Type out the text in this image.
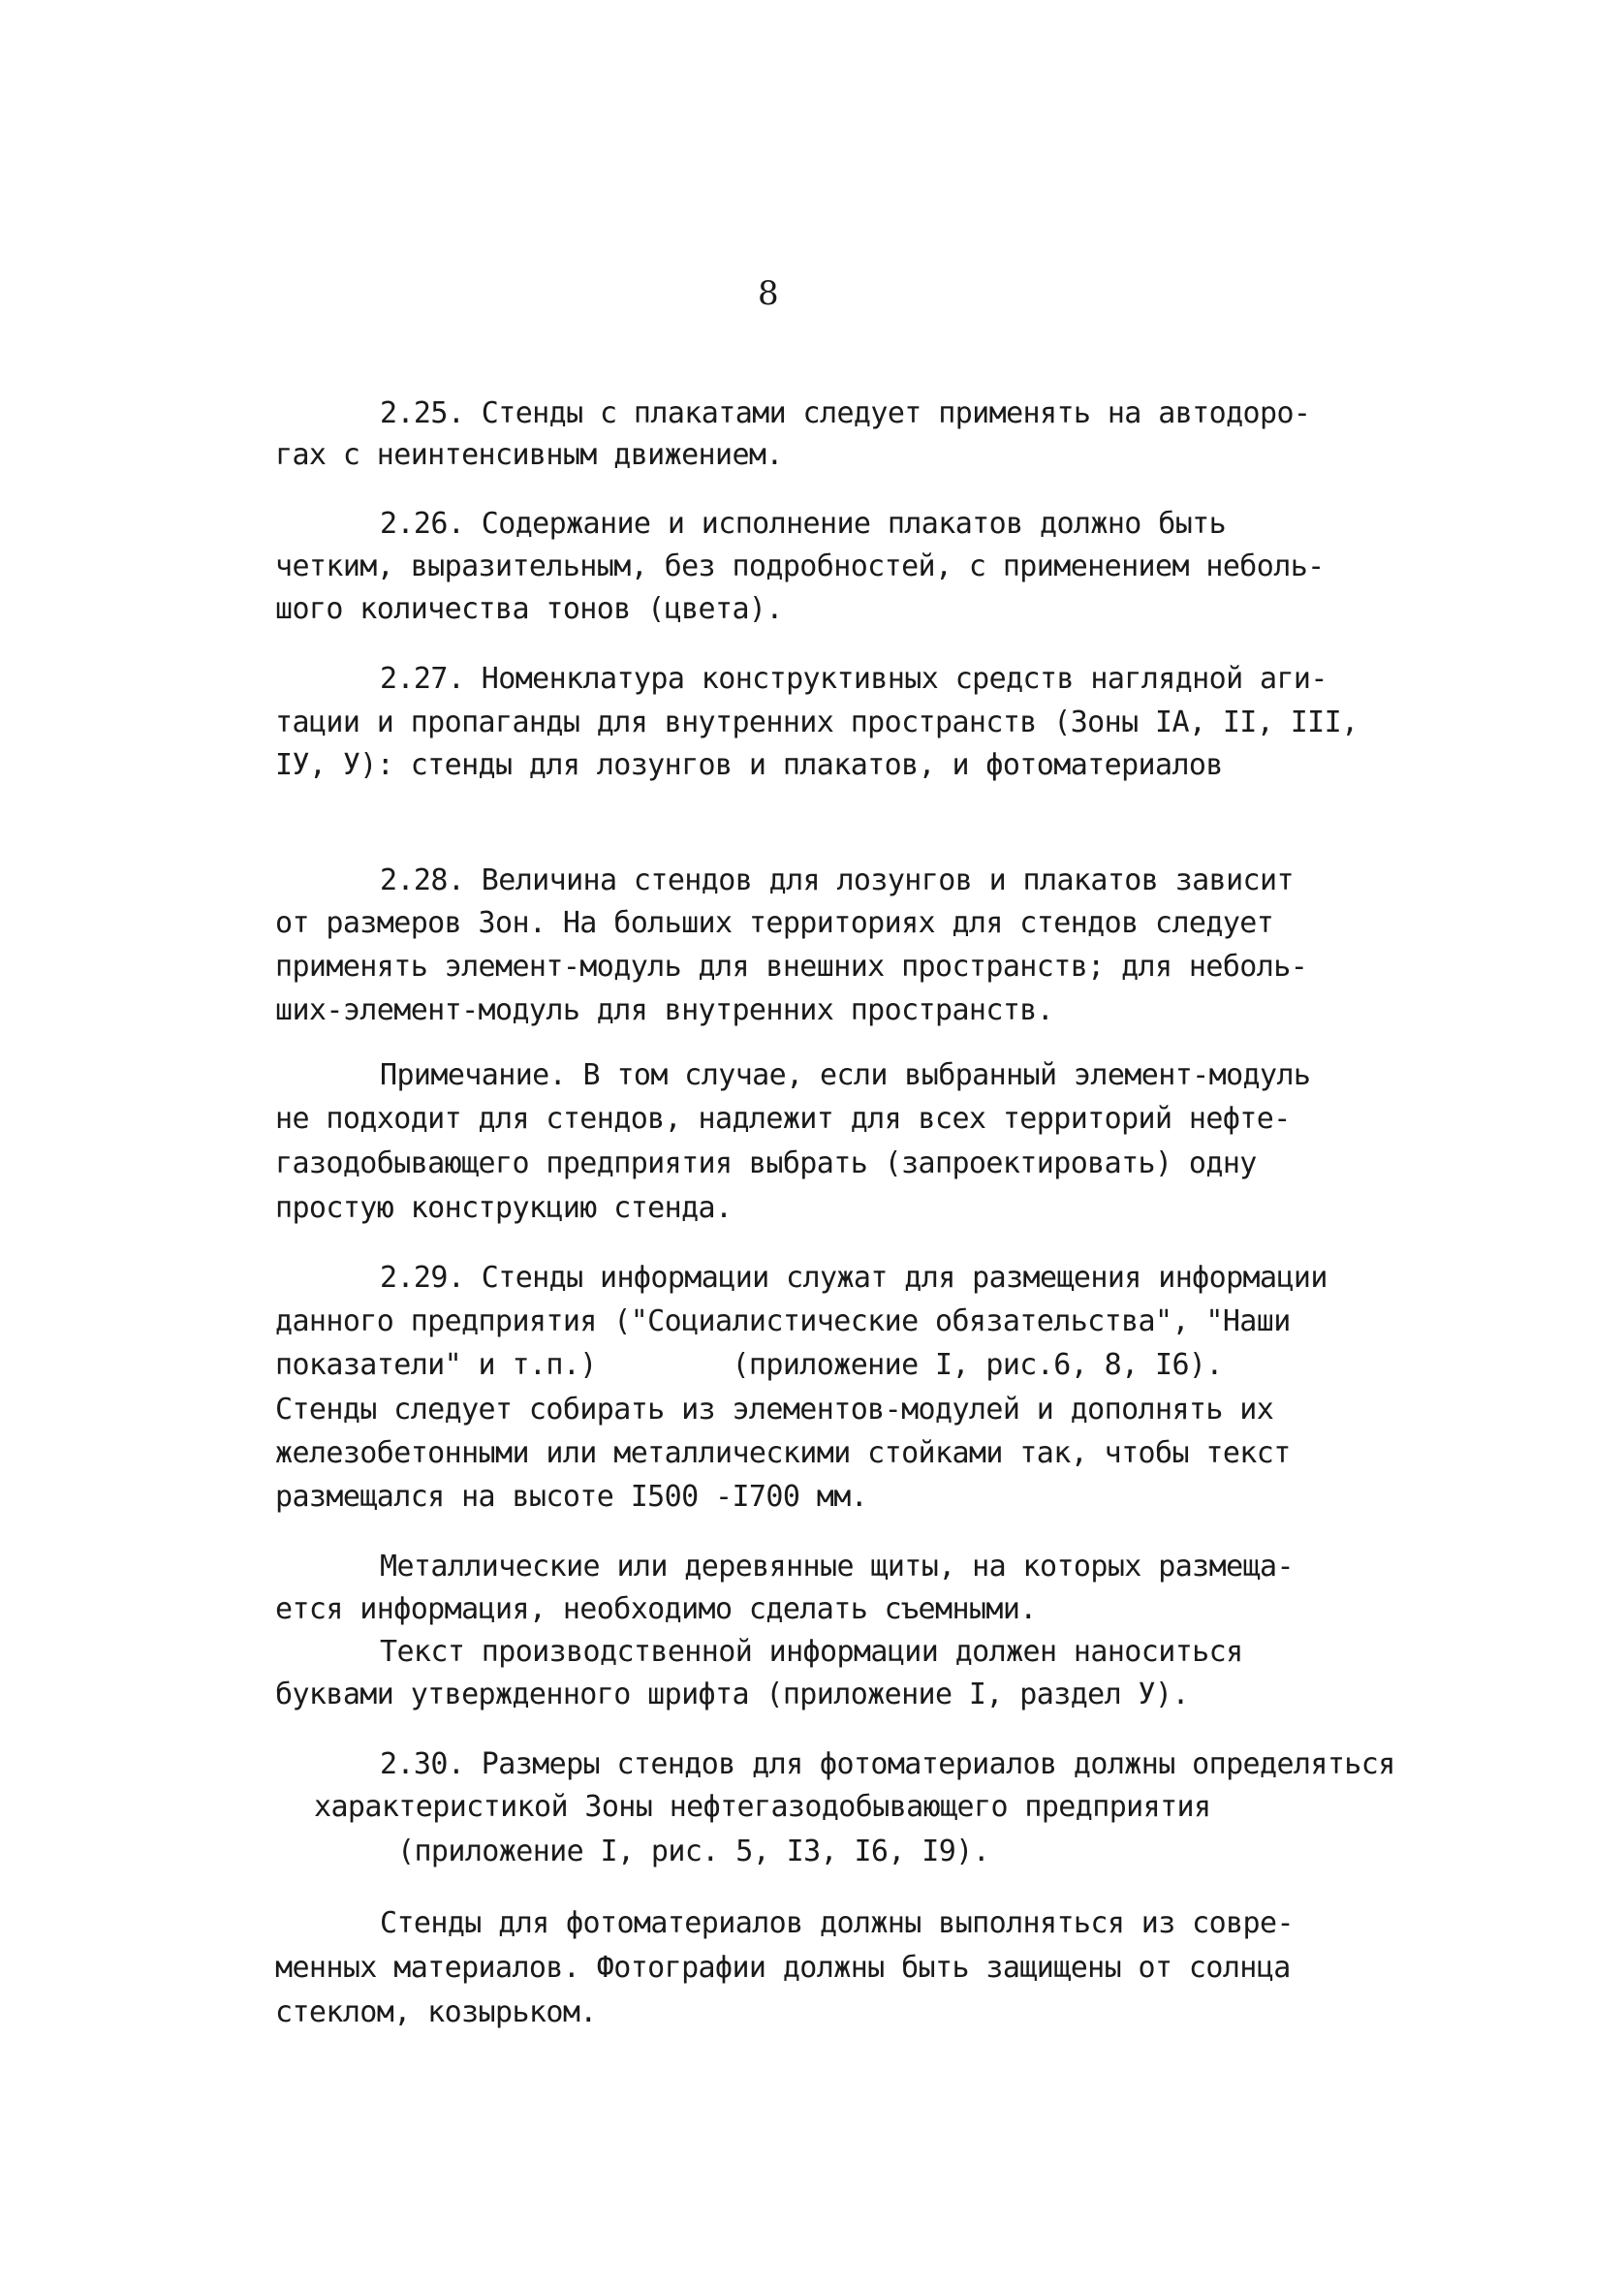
8
2.25. Стенды с плакатами следует применять на автодоро-
гах с неинтенсивным движением.
2.26. Содержание и исполнение плакатов должно быть
четким, выразительным, без подробностей, с применением неболь-
шого количества тонов (цвета).
2.27. Номенклатура конструктивных средств наглядной аги-
тации и пропаганды для внутренних пространств (Зоны IA, II, III,
IУ, У): стенды для лозунгов и плакатов, и фотоматериалов
2.28. Величина стендов для лозунгов и плакатов зависит
от размеров Зон. На больших территориях для стендов следует
применять элемент-модуль для внешних пространств; для неболь-
ших-элемент-модуль для внутренних пространств.
Примечание. В том случае, если выбранный элемент-модуль
не подходит для стендов, надлежит для всех территорий нефте-
газодобывающего предприятия выбрать (запроектировать) одну
простую конструкцию стенда.
2.29. Стенды информации служат для размещения информации
данного предприятия ("Социалистические обязательства", "Наши
показатели" и т.п.)        (приложение I, рис.6, 8, I6).
Стенды следует собирать из элементов-модулей и дополнять их
железобетонными или металлическими стойками так, чтобы текст
размещался на высоте I500 -I700 мм.
Металлические или деревянные щиты, на которых размеща-
ется информация, необходимо сделать съемными.
Текст производственной информации должен наноситься
буквами утвержденного шрифта (приложение I, раздел У).
2.30. Размеры стендов для фотоматериалов должны определяться
характеристикой Зоны нефтегазодобывающего предприятия
(приложение I, рис. 5, I3, I6, I9).
Стенды для фотоматериалов должны выполняться из совре-
менных материалов. Фотографии должны быть защищены от солнца
стеклом, козырьком.
